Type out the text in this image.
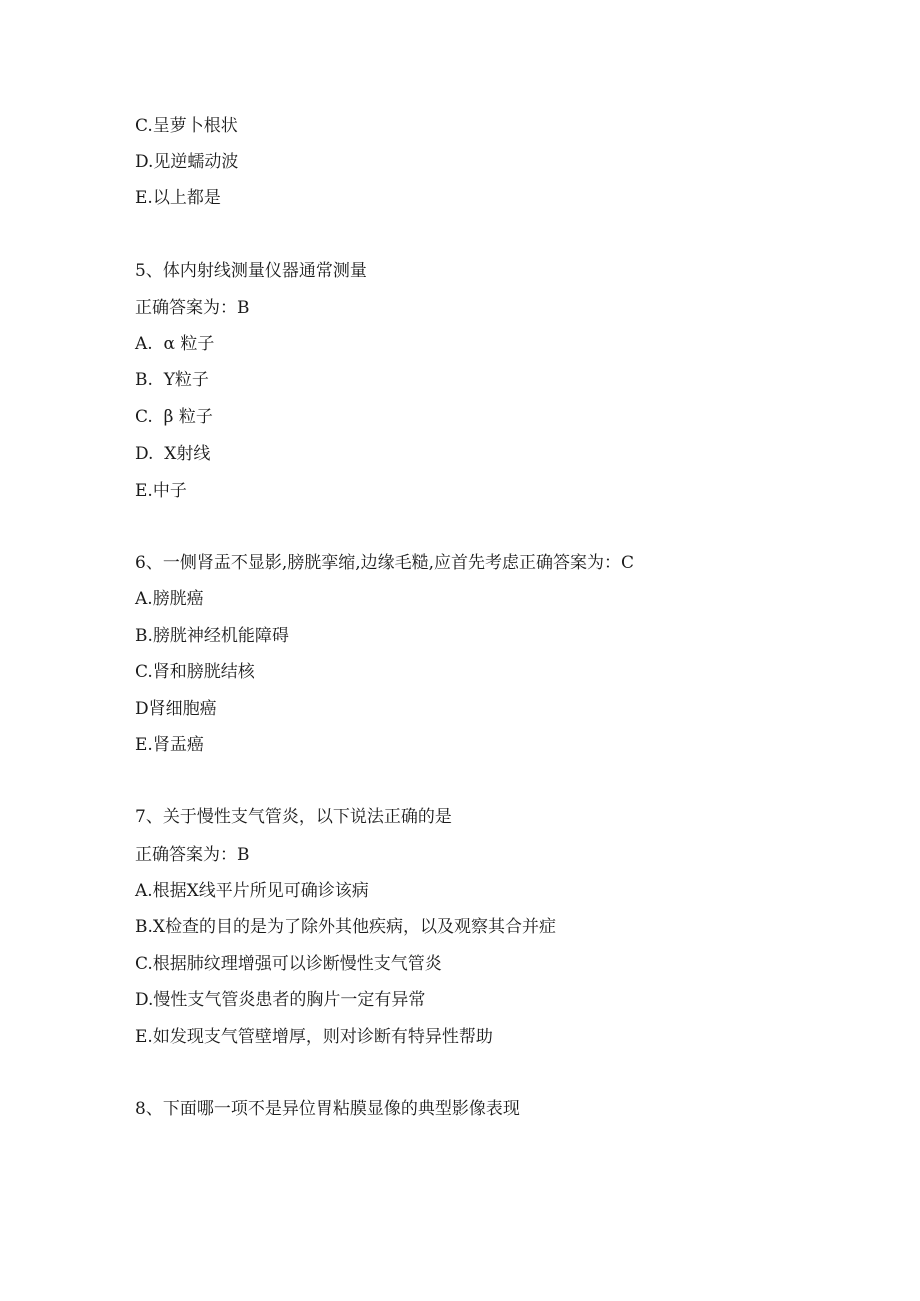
C.呈萝卜根状
D.见逆蠕动波
E.以上都是
5、体内射线测量仪器通常测量
正确答案为：B
A.  α 粒子
B.  Y粒子
C.  β 粒子
D.  X射线
E.中子
6、一侧肾盂不显影,膀胱挛缩,边缘毛糙,应首先考虑正确答案为：C
A.膀胱癌
B.膀胱神经机能障碍
C.肾和膀胱结核
D肾细胞癌
E.肾盂癌
7、关于慢性支气管炎，以下说法正确的是
正确答案为：B
A.根据X线平片所见可确诊该病
B.X检查的目的是为了除外其他疾病，以及观察其合并症
C.根据肺纹理增强可以诊断慢性支气管炎
D.慢性支气管炎患者的胸片一定有异常
E.如发现支气管壁增厚，则对诊断有特异性帮助
8、下面哪一项不是异位胃粘膜显像的典型影像表现
